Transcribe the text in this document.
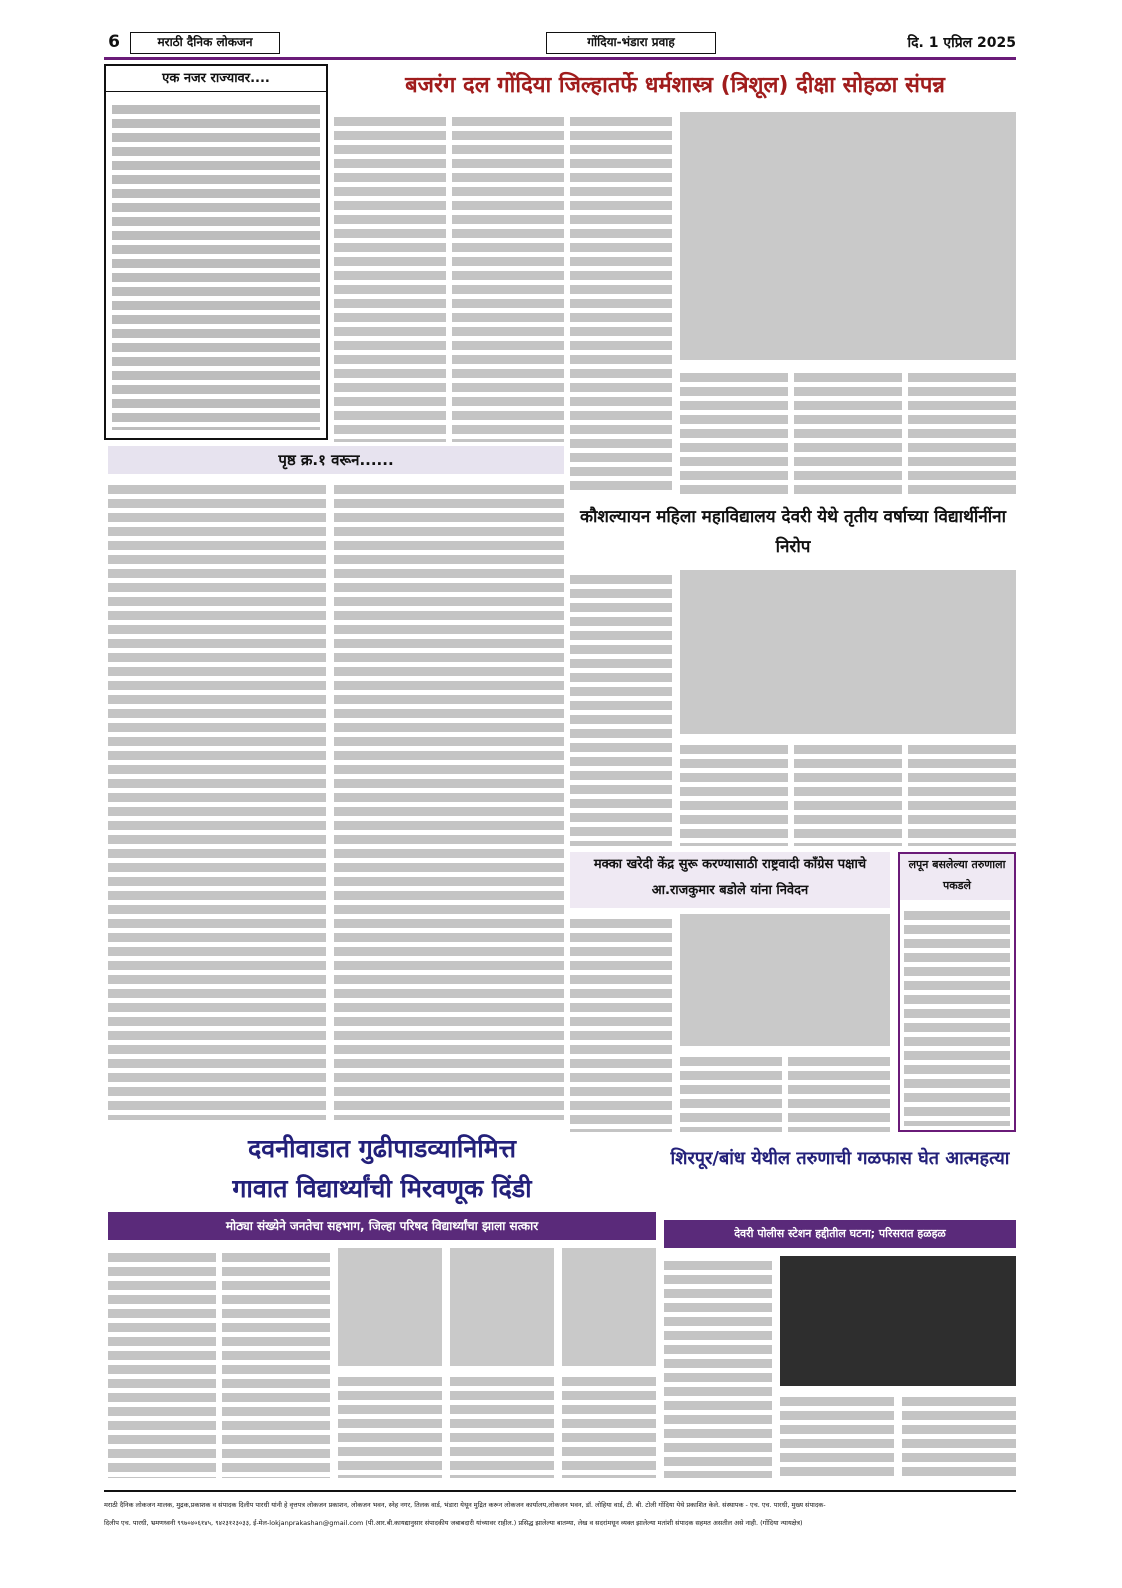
6	मराठी दैनिक लोकजन	गोंदिया-भंडारा प्रवाह	दि. 1 एप्रिल 2025
एक नजर राज्यावर....	बजरंग दल गोंदिया जिल्हातर्फे धर्मशास्त्र (त्रिशूल) दीक्षा सोहळा संपन्न
पृष्ठ क्र.१ वरून......
कौशल्यायन महिला महाविद्यालय देवरी येथे तृतीय वर्षाच्या विद्यार्थीनींना निरोप
मक्का खरेदी केंद्र सुरू करण्यासाठी राष्ट्रवादी काँग्रेस पक्षाचे आ.राजकुमार बडोले यांना निवेदन
लपून बसलेल्या तरुणाला पकडले
दवनीवाडात गुढीपाडव्यानिमित्त
गावात विद्यार्थ्यांची मिरवणूक दिंडी
मोठ्या संख्येने जनतेचा सहभाग, जिल्हा परिषद विद्यार्थ्यांचा झाला सत्कार
शिरपूर/बांध येथील तरुणाची गळफास घेत आत्महत्या
देवरी पोलीस स्टेशन हद्दीतील घटना; परिसरात हळहळ
मराठी दैनिक लोकजन मालक, मुद्रक,प्रकाशक व संपादक दिलीप पारधी यांनी हे वृत्तपत्र लोकजन प्रकाशन, लोकजन भवन, स्नेह नगर, तिलक वार्ड, भंडारा येथून मुद्रित करून लोकजन कार्यालय,लोकजन भवन, डॉ. लोहिया वार्ड, टी. बी. टोली गोंदिया येथे प्रकाशित केले. संस्थापक - एच. एच. पारधी, मुख्य संपादक-
दिलीप एच. पारधी, भ्रमणध्वनी ९९७०४०६१४५, ९४२३१२३०३३, ई-मेल-lokjanprakashan@gmail.com (पी.आर.बी.कायद्यानुसार संपादकीय जबाबदारी यांच्यावर राहील.) प्रसिद्ध झालेल्या बातम्या, लेख व सदरांमधून व्यक्त झालेल्या मतांशी संपादक सहमत असतील असे नाही. (गोंदिया न्यायक्षेत्र)
